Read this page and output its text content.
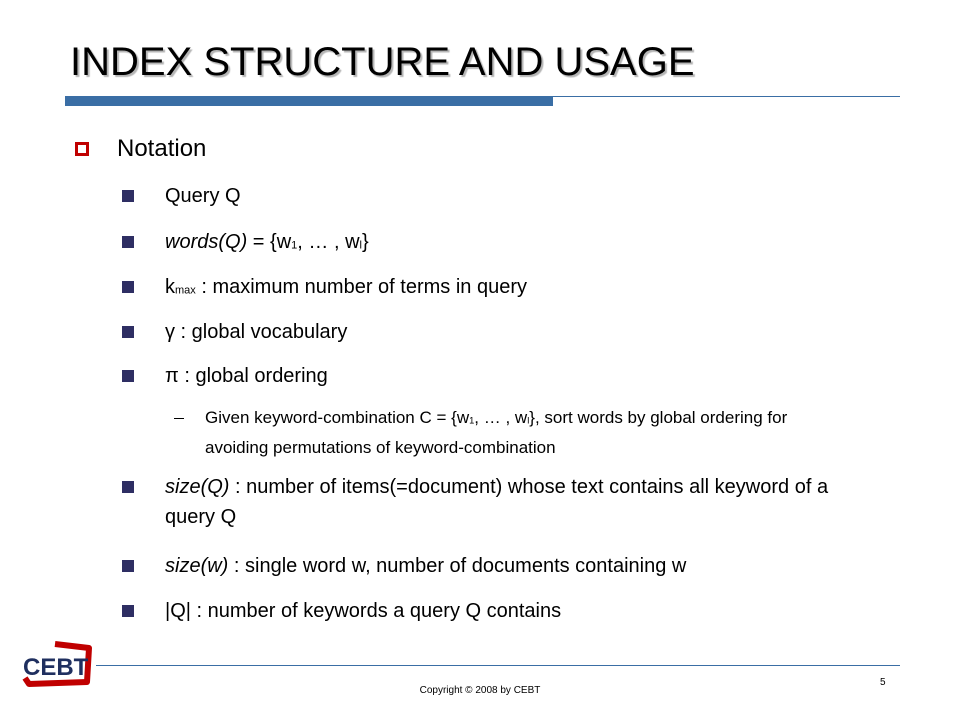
INDEX STRUCTURE AND USAGE
Notation
Query Q
words(Q) = {$w_1$, … , $w_l$}
$k_{max}$ : maximum number of terms in query
γ : global vocabulary
π : global ordering
Given keyword-combination $C = \{w_1$, … , $w_l$}, sort words by global ordering for avoiding permutations of keyword-combination
size(Q) : number of items(=document) whose text contains all keyword of a query Q
size(w) : single word w, number of documents containing w
|Q| : number of keywords a query Q contains
CEBT
Copyright © 2008 by CEBT
5
